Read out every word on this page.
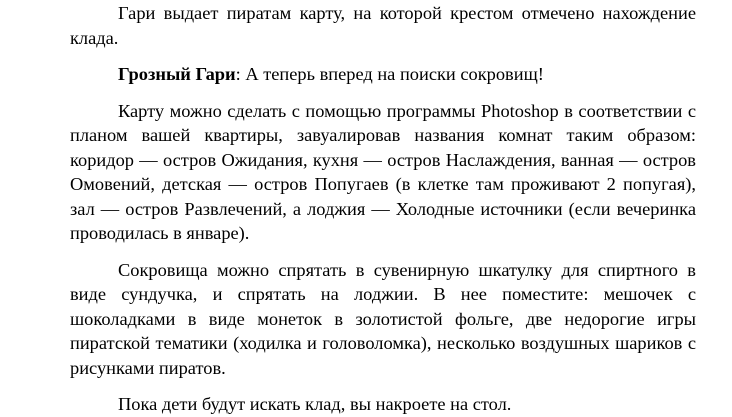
Гари выдает пиратам карту, на которой крестом отмечено нахождение клада.

Грозный Гари: А теперь вперед на поиски сокровищ!

Карту можно сделать с помощью программы Photoshop в соответствии с планом вашей квартиры, завуалировав названия комнат таким образом: коридор — остров Ожидания, кухня — остров Наслаждения, ванная — остров Омовений, детская — остров Попугаев (в клетке там проживают 2 попугая), зал — остров Развлечений, а лоджия — Холодные источники (если вечеринка проводилась в январе).

Сокровища можно спрятать в сувенирную шкатулку для спиртного в виде сундучка, и спрятать на лоджии. В нее поместите: мешочек с шоколадками в виде монеток в золотистой фольге, две недорогие игры пиратской тематики (ходилка и головоломка), несколько воздушных шариков с рисунками пиратов.

Пока дети будут искать клад, вы накроете на стол.
